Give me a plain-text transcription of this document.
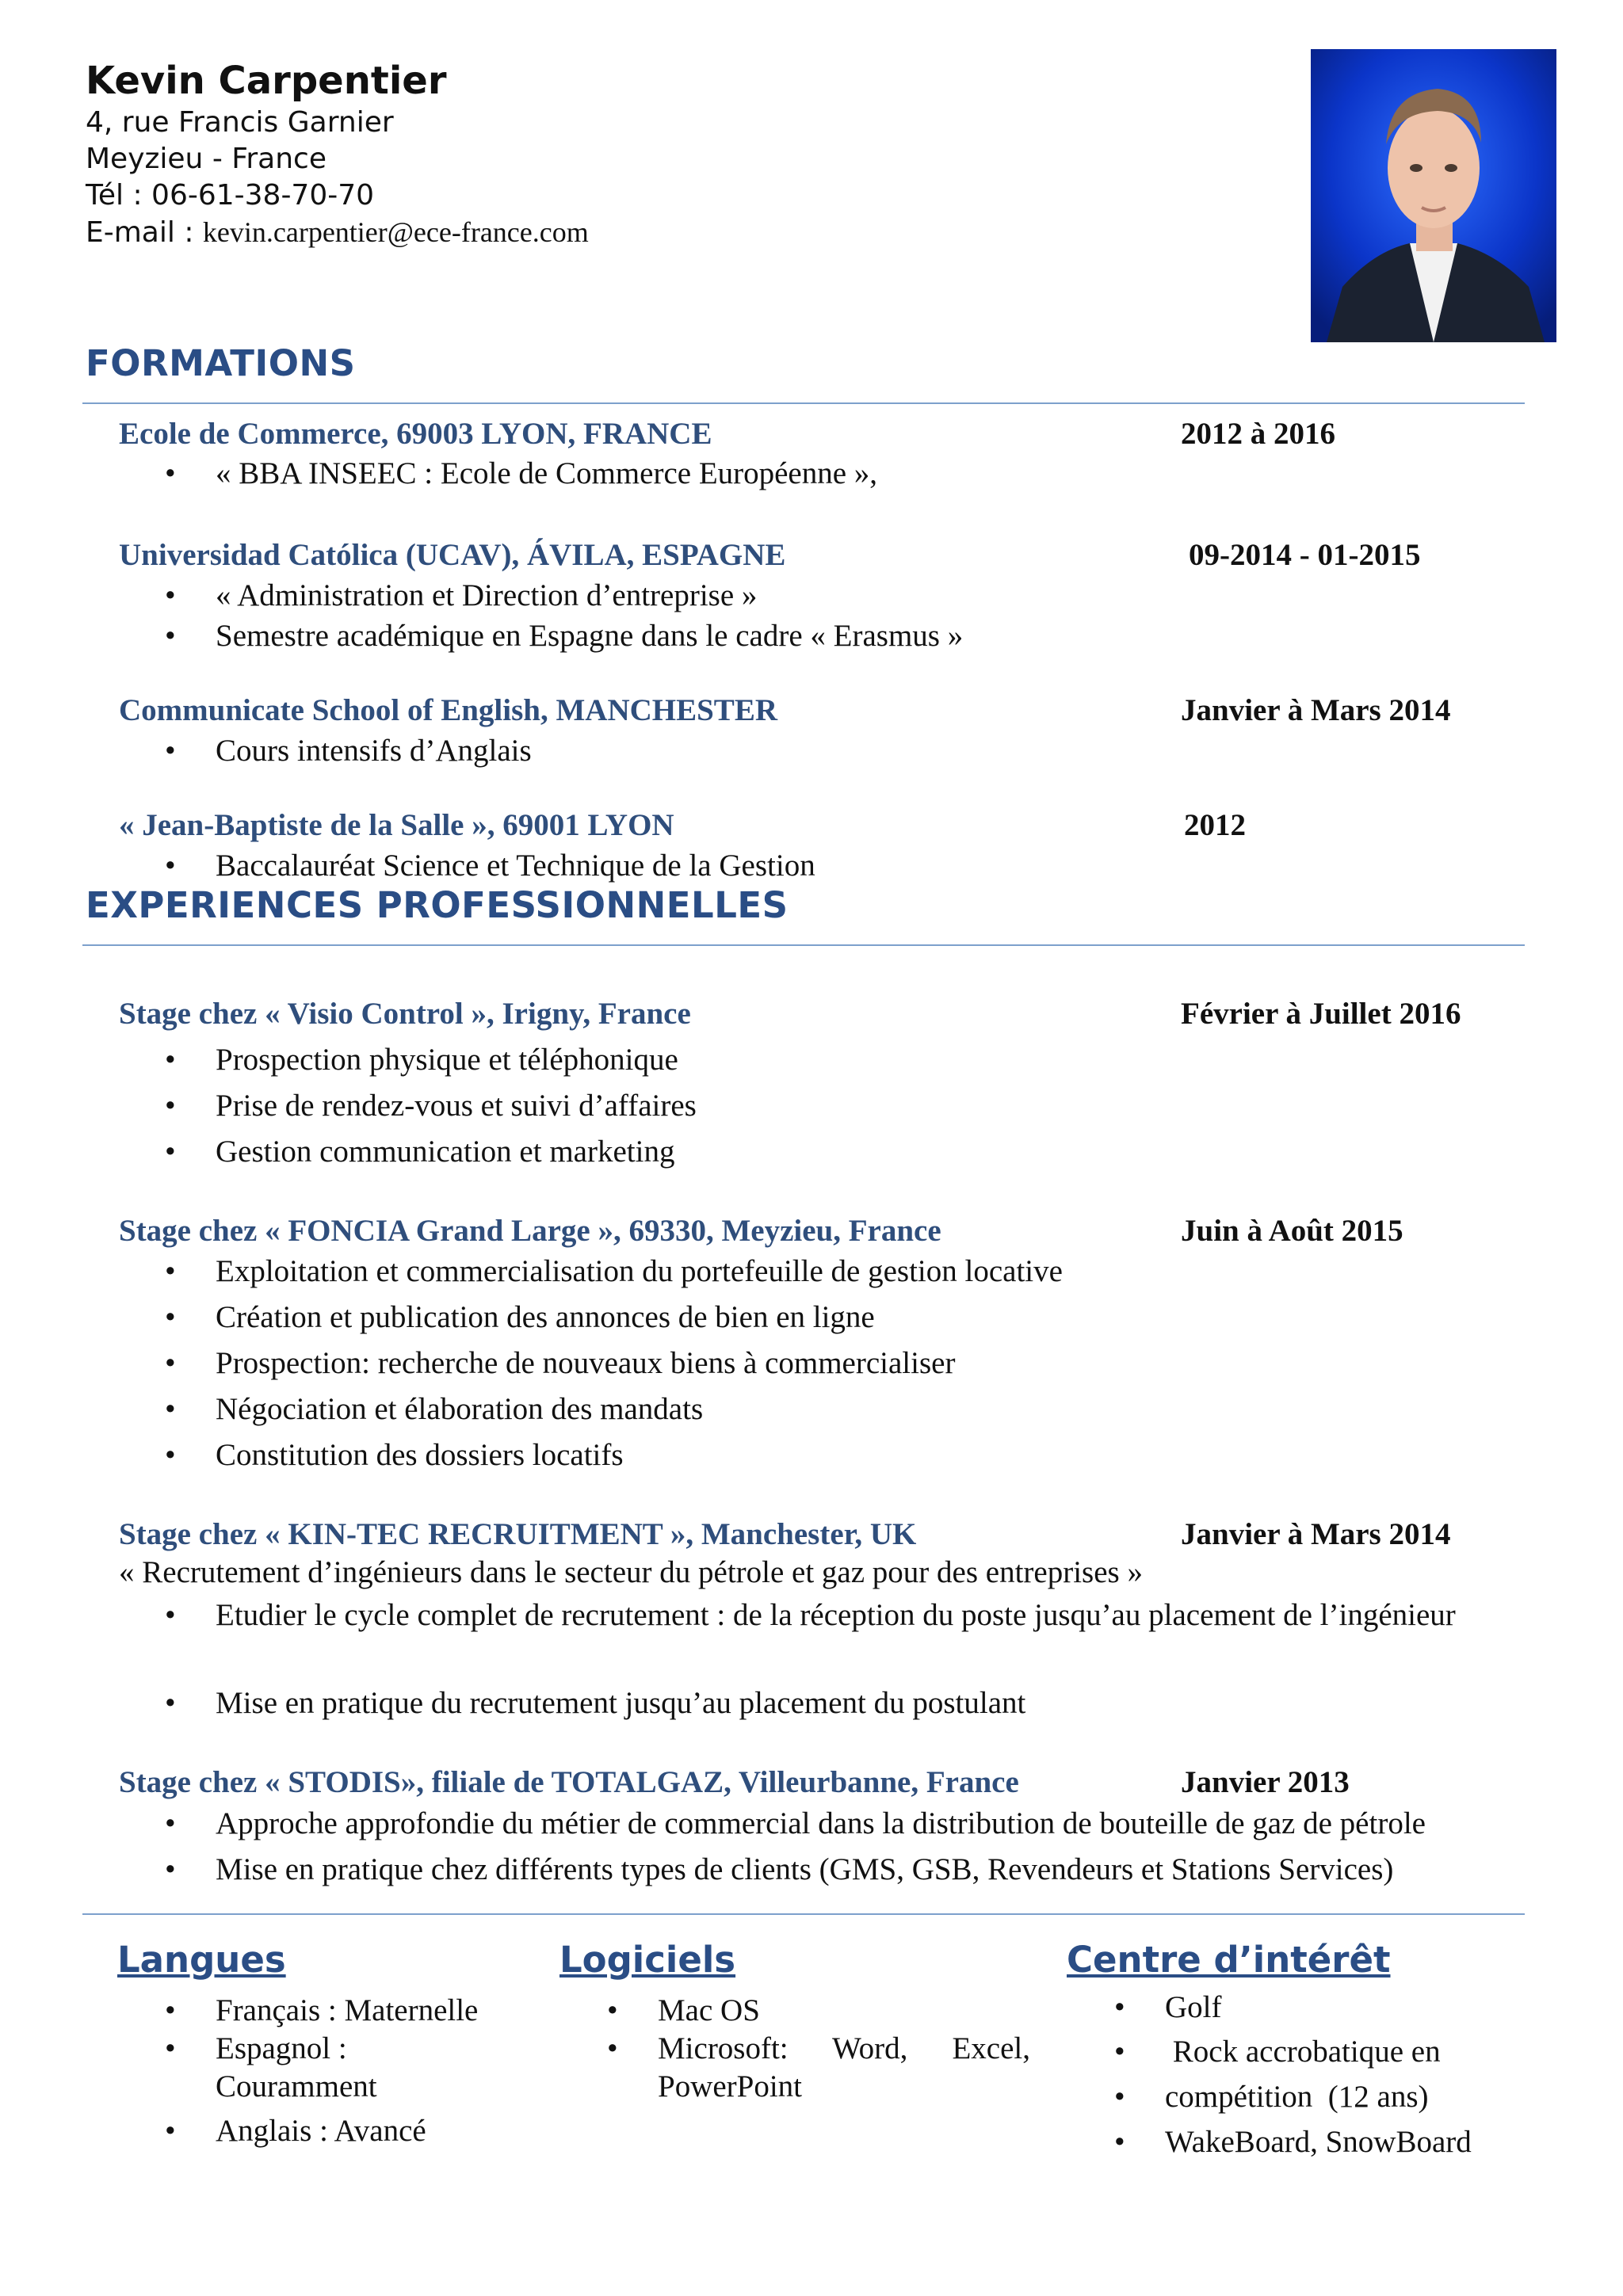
Kevin Carpentier
4, rue Francis Garnier
Meyzieu - France
Tél : 06-61-38-70-70
E-mail : kevin.carpentier@ece-france.com
FORMATIONS
Ecole de Commerce, 69003 LYON, FRANCE	2012 à 2016
• « BBA INSEEC : Ecole de Commerce Européenne »,
Universidad Católica (UCAV), ÁVILA, ESPAGNE	09-2014 - 01-2015
• « Administration et Direction d’entreprise »
• Semestre académique en Espagne dans le cadre « Erasmus »
Communicate School of English, MANCHESTER	Janvier à Mars 2014
• Cours intensifs d’Anglais
« Jean-Baptiste de la Salle », 69001 LYON	2012
• Baccalauréat Science et Technique de la Gestion
EXPERIENCES PROFESSIONNELLES
Stage chez « Visio Control », Irigny, France	Février à Juillet 2016
• Prospection physique et téléphonique
• Prise de rendez-vous et suivi d’affaires
• Gestion communication et marketing
Stage chez « FONCIA Grand Large », 69330, Meyzieu, France	Juin à Août 2015
• Exploitation et commercialisation du portefeuille de gestion locative
• Création et publication des annonces de bien en ligne
• Prospection: recherche de nouveaux biens à commercialiser
• Négociation et élaboration des mandats
• Constitution des dossiers locatifs
Stage chez « KIN-TEC RECRUITMENT », Manchester, UK	Janvier à Mars 2014
« Recrutement d’ingénieurs dans le secteur du pétrole et gaz pour des entreprises »
• Etudier le cycle complet de recrutement : de la réception du poste jusqu’au placement de l’ingénieur
• Mise en pratique du recrutement jusqu’au placement du postulant
Stage chez « STODIS», filiale de TOTALGAZ, Villeurbanne, France	Janvier 2013
• Approche approfondie du métier de commercial dans la distribution de bouteille de gaz de pétrole
• Mise en pratique chez différents types de clients (GMS, GSB, Revendeurs et Stations Services)
Langues
• Français : Maternelle
• Espagnol : Couramment
• Anglais : Avancé
Logiciels
• Mac OS
• Microsoft: Word, Excel, PowerPoint
Centre d’intérêt
• Golf
• Rock accrobatique en
• compétition  (12 ans)
• WakeBoard, SnowBoard
